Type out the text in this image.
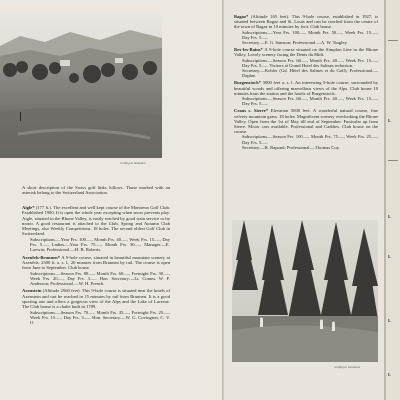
Golfing at Samaden
A short description of the Swiss golf links follows. Those marked with an asterisk belong to the Switzerland Association.
Aigle* (177 ft.). The excellent and well kept course of the Montreux Golf Club. Established 1900. It is open the whole year excepting when snow prevents play. Aigle, situated in the Rhone Valley, is easily reached by good train service or by motor. A good restaurant is attached to the Club. Spring and Autumn Club Meetings, also Weekly Competitions. 18 holes. The second oldest Golf Club in Switzerland.
Subscriptions.—Year Frs. 100.—, Month Frs. 40.—, Week Frs. 15.—, Day Frs. 5.—, Ladies.—Year Frs. 75.—, Month Frs. 30.—. Manager.—E. Loewin; Professional.—H. B. Roberts.
Axenfels-Brunnen* A 9-hole course, situated in beautiful mountain scenery at Axenfels, 2300 ft. a. s. l., 20 minutes from Brunnen by rail. The course is open from June to September. Club house.
Subscriptions.—Season Frs. 80.—, Month Frs. 60.—, Fortnight Frs. 30.—, Week Frs. 20.—, Day Frs. 3.—. Hon. Secretary.—Lt. Comm. W. F. Anderson; Professional.—W. H. French.
Axenstein (Altitude 2560 feet). This 9-hole course is situated near the hotels of Axenstein and can be reached in 15 minutes by rail from Brunnen. It is a good sporting one and offers a gorgeous view of the Alps and the Lake of Lucerne. The Club house is a chalet built in 1789.
Subscriptions.—Season Frs. 70.—, Month Frs. 45.—, Fortnight Frs. 25.—, Week Frs. 15.—, Day Frs. 3.—. Hon. Secretary.—W. G. Covington, C. V. O.
Bagaz* (Altitude 165 feet). This 9-hole course, established in 1927, is situated between Ragaz and St. Louis and can be reached from the centre of the town of Ragaz in 10 minutes by foot. Club house.
Subscriptions.—Year Frs. 100.—, Month Frs. 50.—, Week Frs. 15.—, Day Frs. 5.—.
Secretary.—E. G. Samson; Professional.—A. W. Tingley.
Bex-les-Bains* A 9-hole course situated on the Simplon Line in the Rhone Valley. Lovely scenery facing the Dents du Midi.
Subscriptions.—Season Frs. 60.—, Month Frs. 40.—, Week Frs. 15.—, Day Frs. 5.—. Visitors at Grand Hotel des Salines reduction.
Secretary.—Kohler (Gd. Hôtel des Salines et du Golf); Professional.—Daplae.
Burgenstock* 3000 feet a. s. l. An interesting 9-hole course, surrounded by beautiful woods and offering marvellous views of the Alps. Club house 10 minutes from the station and the hotels of Burgenstock.
Subscriptions.—Season Frs. 60.—, Month Frs. 40.—, Week Frs. 15.—, Day Frs. 5.—.
Crans s. Sierre* Elevation 5000 feet. A wonderful natural course, fine velvety mountain grass. 18 holes. Magnificent scenery overlooking the Rhone Valley. Open from the 1st of May till end of September. Funicular up from Sierre. Motor cars available. Professional and Caddies. Club house on the course.
Subscriptions.—Season Frs. 100.—, Month Frs. 75.—, Week Frs. 25.—, Day Frs. 5.—.
Secretary.—R. Rapond; Professional.—Thomas Coy.
Golfing at Lausanne
L
L
L
L
L
